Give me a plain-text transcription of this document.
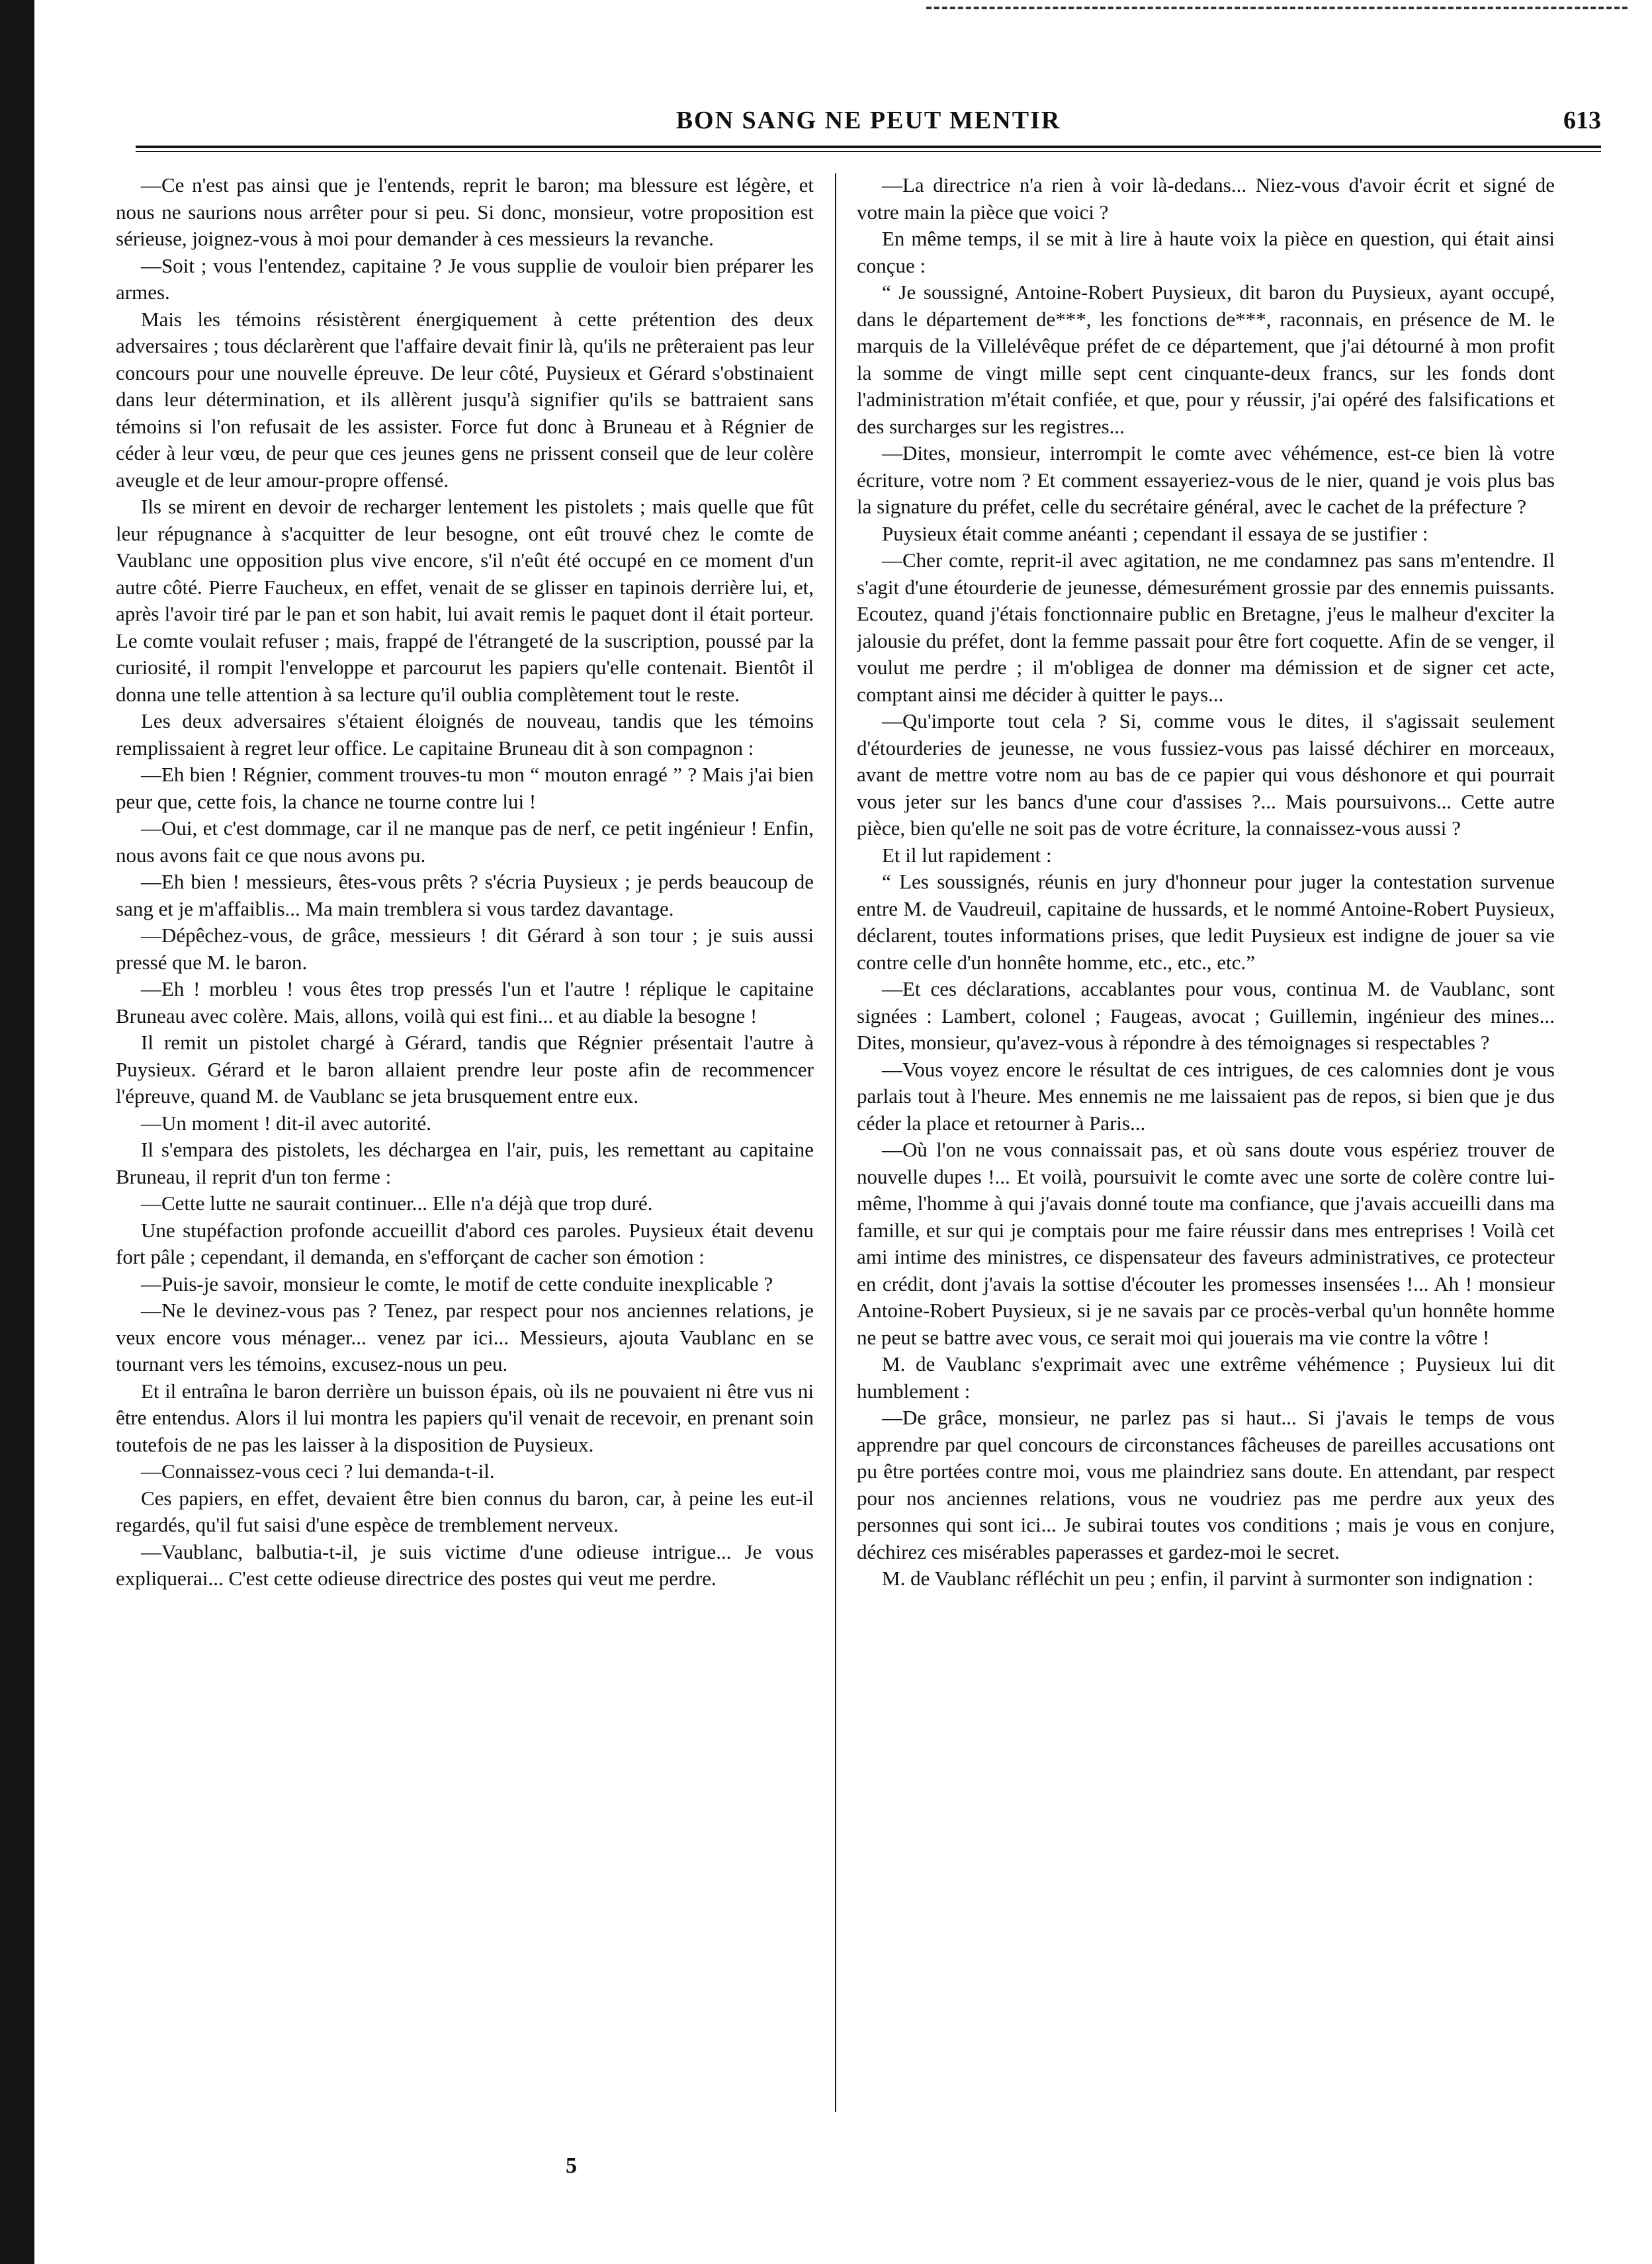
BON SANG NE PEUT MENTIR	613

—Ce n'est pas ainsi que je l'entends, reprit le baron; ma blessure est légère, et nous ne saurions nous arrêter pour si peu. Si donc, monsieur, votre proposition est sérieuse, joignez-vous à moi pour demander à ces messieurs la revanche.

—Soit ; vous l'entendez, capitaine ? Je vous supplie de vouloir bien préparer les armes.

Mais les témoins résistèrent énergiquement à cette prétention des deux adversaires ; tous déclarèrent que l'affaire devait finir là, qu'ils ne prêteraient pas leur concours pour une nouvelle épreuve. De leur côté, Puysieux et Gérard s'obstinaient dans leur détermination, et ils allèrent jusqu'à signifier qu'ils se battraient sans témoins si l'on refusait de les assister. Force fut donc à Bruneau et à Régnier de céder à leur vœu, de peur que ces jeunes gens ne prissent conseil que de leur colère aveugle et de leur amour-propre offensé.

Ils se mirent en devoir de recharger lentement les pistolets ; mais quelle que fût leur répugnance à s'acquitter de leur besogne, ont eût trouvé chez le comte de Vaublanc une opposition plus vive encore, s'il n'eût été occupé en ce moment d'un autre côté. Pierre Faucheux, en effet, venait de se glisser en tapinois derrière lui, et, après l'avoir tiré par le pan et son habit, lui avait remis le paquet dont il était porteur. Le comte voulait refuser ; mais, frappé de l'étrangeté de la suscription, poussé par la curiosité, il rompit l'enveloppe et parcourut les papiers qu'elle contenait. Bientôt il donna une telle attention à sa lecture qu'il oublia complètement tout le reste.

Les deux adversaires s'étaient éloignés de nouveau, tandis que les témoins remplissaient à regret leur office. Le capitaine Bruneau dit à son compagnon :

—Eh bien ! Régnier, comment trouves-tu mon “ mouton enragé ” ? Mais j'ai bien peur que, cette fois, la chance ne tourne contre lui !

—Oui, et c'est dommage, car il ne manque pas de nerf, ce petit ingénieur ! Enfin, nous avons fait ce que nous avons pu.

—Eh bien ! messieurs, êtes-vous prêts ? s'écria Puysieux ; je perds beaucoup de sang et je m'affaiblis... Ma main tremblera si vous tardez davantage.

—Dépêchez-vous, de grâce, messieurs ! dit Gérard à son tour ; je suis aussi pressé que M. le baron.

—Eh ! morbleu ! vous êtes trop pressés l'un et l'autre ! réplique le capitaine Bruneau avec colère. Mais, allons, voilà qui est fini... et au diable la besogne !

Il remit un pistolet chargé à Gérard, tandis que Régnier présentait l'autre à Puysieux. Gérard et le baron allaient prendre leur poste afin de recommencer l'épreuve, quand M. de Vaublanc se jeta brusquement entre eux.

—Un moment ! dit-il avec autorité.

Il s'empara des pistolets, les déchargea en l'air, puis, les remettant au capitaine Bruneau, il reprit d'un ton ferme :

—Cette lutte ne saurait continuer... Elle n'a déjà que trop duré.

Une stupéfaction profonde accueillit d'abord ces paroles. Puysieux était devenu fort pâle ; cependant, il demanda, en s'efforçant de cacher son émotion :

—Puis-je savoir, monsieur le comte, le motif de cette conduite inexplicable ?

—Ne le devinez-vous pas ? Tenez, par respect pour nos anciennes relations, je veux encore vous ménager... venez par ici... Messieurs, ajouta Vaublanc en se tournant vers les témoins, excusez-nous un peu.

Et il entraîna le baron derrière un buisson épais, où ils ne pouvaient ni être vus ni être entendus. Alors il lui montra les papiers qu'il venait de recevoir, en prenant soin toutefois de ne pas les laisser à la disposition de Puysieux.

—Connaissez-vous ceci ? lui demanda-t-il.

Ces papiers, en effet, devaient être bien connus du baron, car, à peine les eut-il regardés, qu'il fut saisi d'une espèce de tremblement nerveux.

—Vaublanc, balbutia-t-il, je suis victime d'une odieuse intrigue... Je vous expliquerai... C'est cette odieuse directrice des postes qui veut me perdre.

—La directrice n'a rien à voir là-dedans... Niez-vous d'avoir écrit et signé de votre main la pièce que voici ?

En même temps, il se mit à lire à haute voix la pièce en question, qui était ainsi conçue :

“ Je soussigné, Antoine-Robert Puysieux, dit baron du Puysieux, ayant occupé, dans le département de***, les fonctions de***, raconnais, en présence de M. le marquis de la Villelévêque préfet de ce département, que j'ai détourné à mon profit la somme de vingt mille sept cent cinquante-deux francs, sur les fonds dont l'administration m'était confiée, et que, pour y réussir, j'ai opéré des falsifications et des surcharges sur les registres...

—Dites, monsieur, interrompit le comte avec véhémence, est-ce bien là votre écriture, votre nom ? Et comment essayeriez-vous de le nier, quand je vois plus bas la signature du préfet, celle du secrétaire général, avec le cachet de la préfecture ?

Puysieux était comme anéanti ; cependant il essaya de se justifier :

—Cher comte, reprit-il avec agitation, ne me condamnez pas sans m'entendre. Il s'agit d'une étourderie de jeunesse, démesurément grossie par des ennemis puissants. Ecoutez, quand j'étais fonctionnaire public en Bretagne, j'eus le malheur d'exciter la jalousie du préfet, dont la femme passait pour être fort coquette. Afin de se venger, il voulut me perdre ; il m'obligea de donner ma démission et de signer cet acte, comptant ainsi me décider à quitter le pays...

—Qu'importe tout cela ? Si, comme vous le dites, il s'agissait seulement d'étourderies de jeunesse, ne vous fussiez-vous pas laissé déchirer en morceaux, avant de mettre votre nom au bas de ce papier qui vous déshonore et qui pourrait vous jeter sur les bancs d'une cour d'assises ?... Mais poursuivons... Cette autre pièce, bien qu'elle ne soit pas de votre écriture, la connaissez-vous aussi ?

Et il lut rapidement :

“ Les soussignés, réunis en jury d'honneur pour juger la contestation survenue entre M. de Vaudreuil, capitaine de hussards, et le nommé Antoine-Robert Puysieux, déclarent, toutes informations prises, que ledit Puysieux est indigne de jouer sa vie contre celle d'un honnête homme, etc., etc., etc.”

—Et ces déclarations, accablantes pour vous, continua M. de Vaublanc, sont signées : Lambert, colonel ; Faugeas, avocat ; Guillemin, ingénieur des mines... Dites, monsieur, qu'avez-vous à répondre à des témoignages si respectables ?

—Vous voyez encore le résultat de ces intrigues, de ces calomnies dont je vous parlais tout à l'heure. Mes ennemis ne me laissaient pas de repos, si bien que je dus céder la place et retourner à Paris...

—Où l'on ne vous connaissait pas, et où sans doute vous espériez trouver de nouvelle dupes !... Et voilà, poursuivit le comte avec une sorte de colère contre lui-même, l'homme à qui j'avais donné toute ma confiance, que j'avais accueilli dans ma famille, et sur qui je comptais pour me faire réussir dans mes entreprises ! Voilà cet ami intime des ministres, ce dispensateur des faveurs administratives, ce protecteur en crédit, dont j'avais la sottise d'écouter les promesses insensées !... Ah ! monsieur Antoine-Robert Puysieux, si je ne savais par ce procès-verbal qu'un honnête homme ne peut se battre avec vous, ce serait moi qui jouerais ma vie contre la vôtre !

M. de Vaublanc s'exprimait avec une extrême véhémence ; Puysieux lui dit humblement :

—De grâce, monsieur, ne parlez pas si haut... Si j'avais le temps de vous apprendre par quel concours de circonstances fâcheuses de pareilles accusations ont pu être portées contre moi, vous me plaindriez sans doute. En attendant, par respect pour nos anciennes relations, vous ne voudriez pas me perdre aux yeux des personnes qui sont ici... Je subirai toutes vos conditions ; mais je vous en conjure, déchirez ces misérables paperasses et gardez-moi le secret.

M. de Vaublanc réfléchit un peu ; enfin, il parvint à surmonter son indignation :

5
